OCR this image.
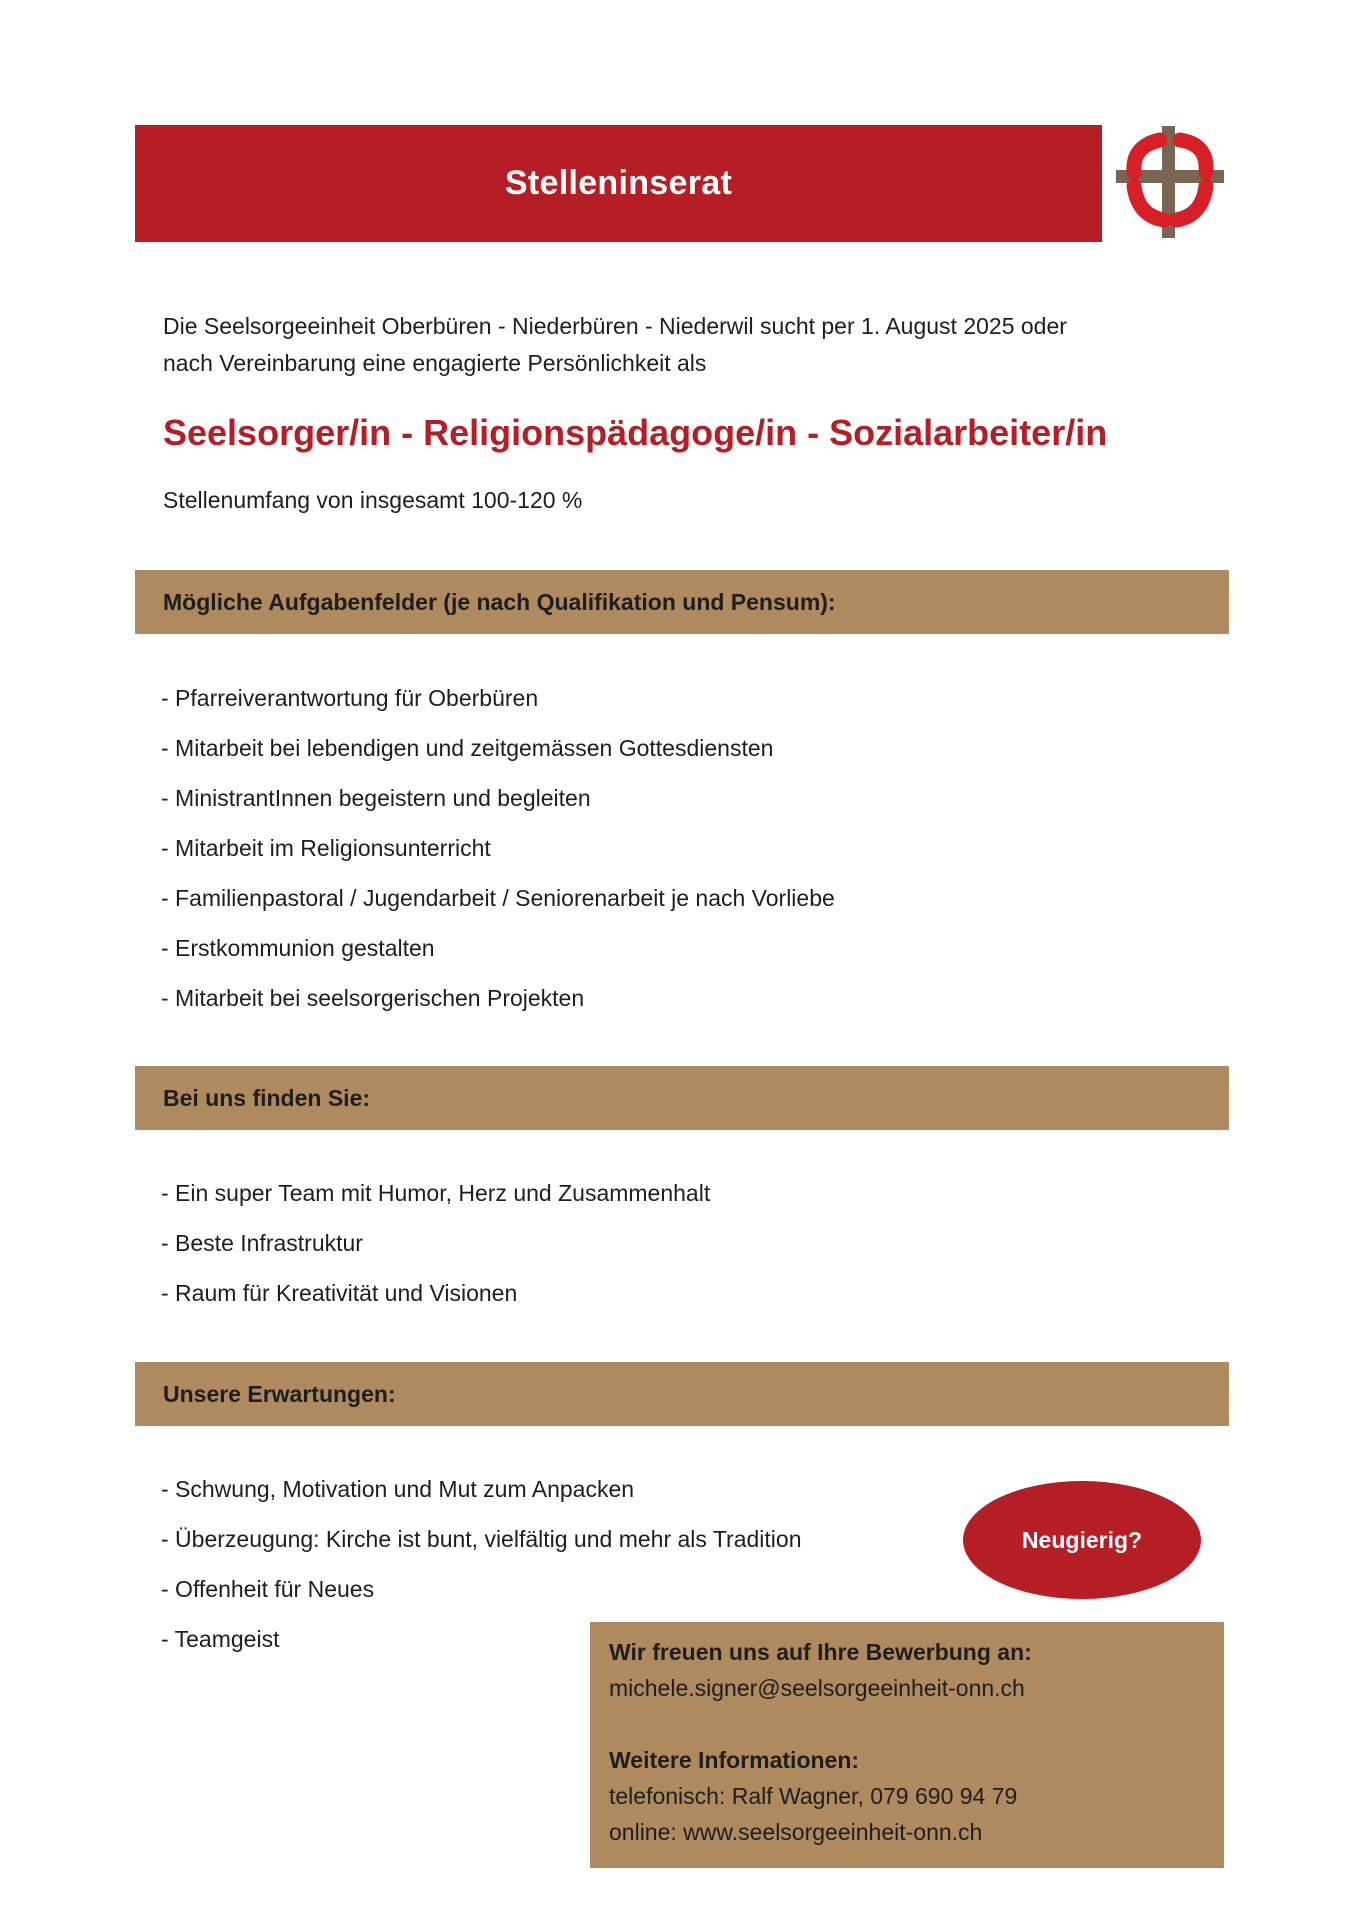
Stelleninserat

Die Seelsorgeeinheit Oberbüren - Niederbüren - Niederwil sucht per 1. August 2025 oder
nach Vereinbarung eine engagierte Persönlichkeit als

Seelsorger/in - Religionspädagoge/in - Sozialarbeiter/in

Stellenumfang von insgesamt 100-120 %

Mögliche Aufgabenfelder (je nach Qualifikation und Pensum):
- Pfarreiverantwortung für Oberbüren
- Mitarbeit bei lebendigen und zeitgemässen Gottesdiensten
- MinistrantInnen begeistern und begleiten
- Mitarbeit im Religionsunterricht
- Familienpastoral / Jugendarbeit / Seniorenarbeit je nach Vorliebe
- Erstkommunion gestalten
- Mitarbeit bei seelsorgerischen Projekten
Bei uns finden Sie:
- Ein super Team mit Humor, Herz und Zusammenhalt
- Beste Infrastruktur
- Raum für Kreativität und Visionen
Unsere Erwartungen:
- Schwung, Motivation und Mut zum Anpacken
- Überzeugung: Kirche ist bunt, vielfältig und mehr als Tradition
- Offenheit für Neues
- Teamgeist
Neugierig?
Wir freuen uns auf Ihre Bewerbung an:
michele.signer@seelsorgeeinheit-onn.ch
Weitere Informationen:
telefonisch: Ralf Wagner, 079 690 94 79
online: www.seelsorgeeinheit-onn.ch
